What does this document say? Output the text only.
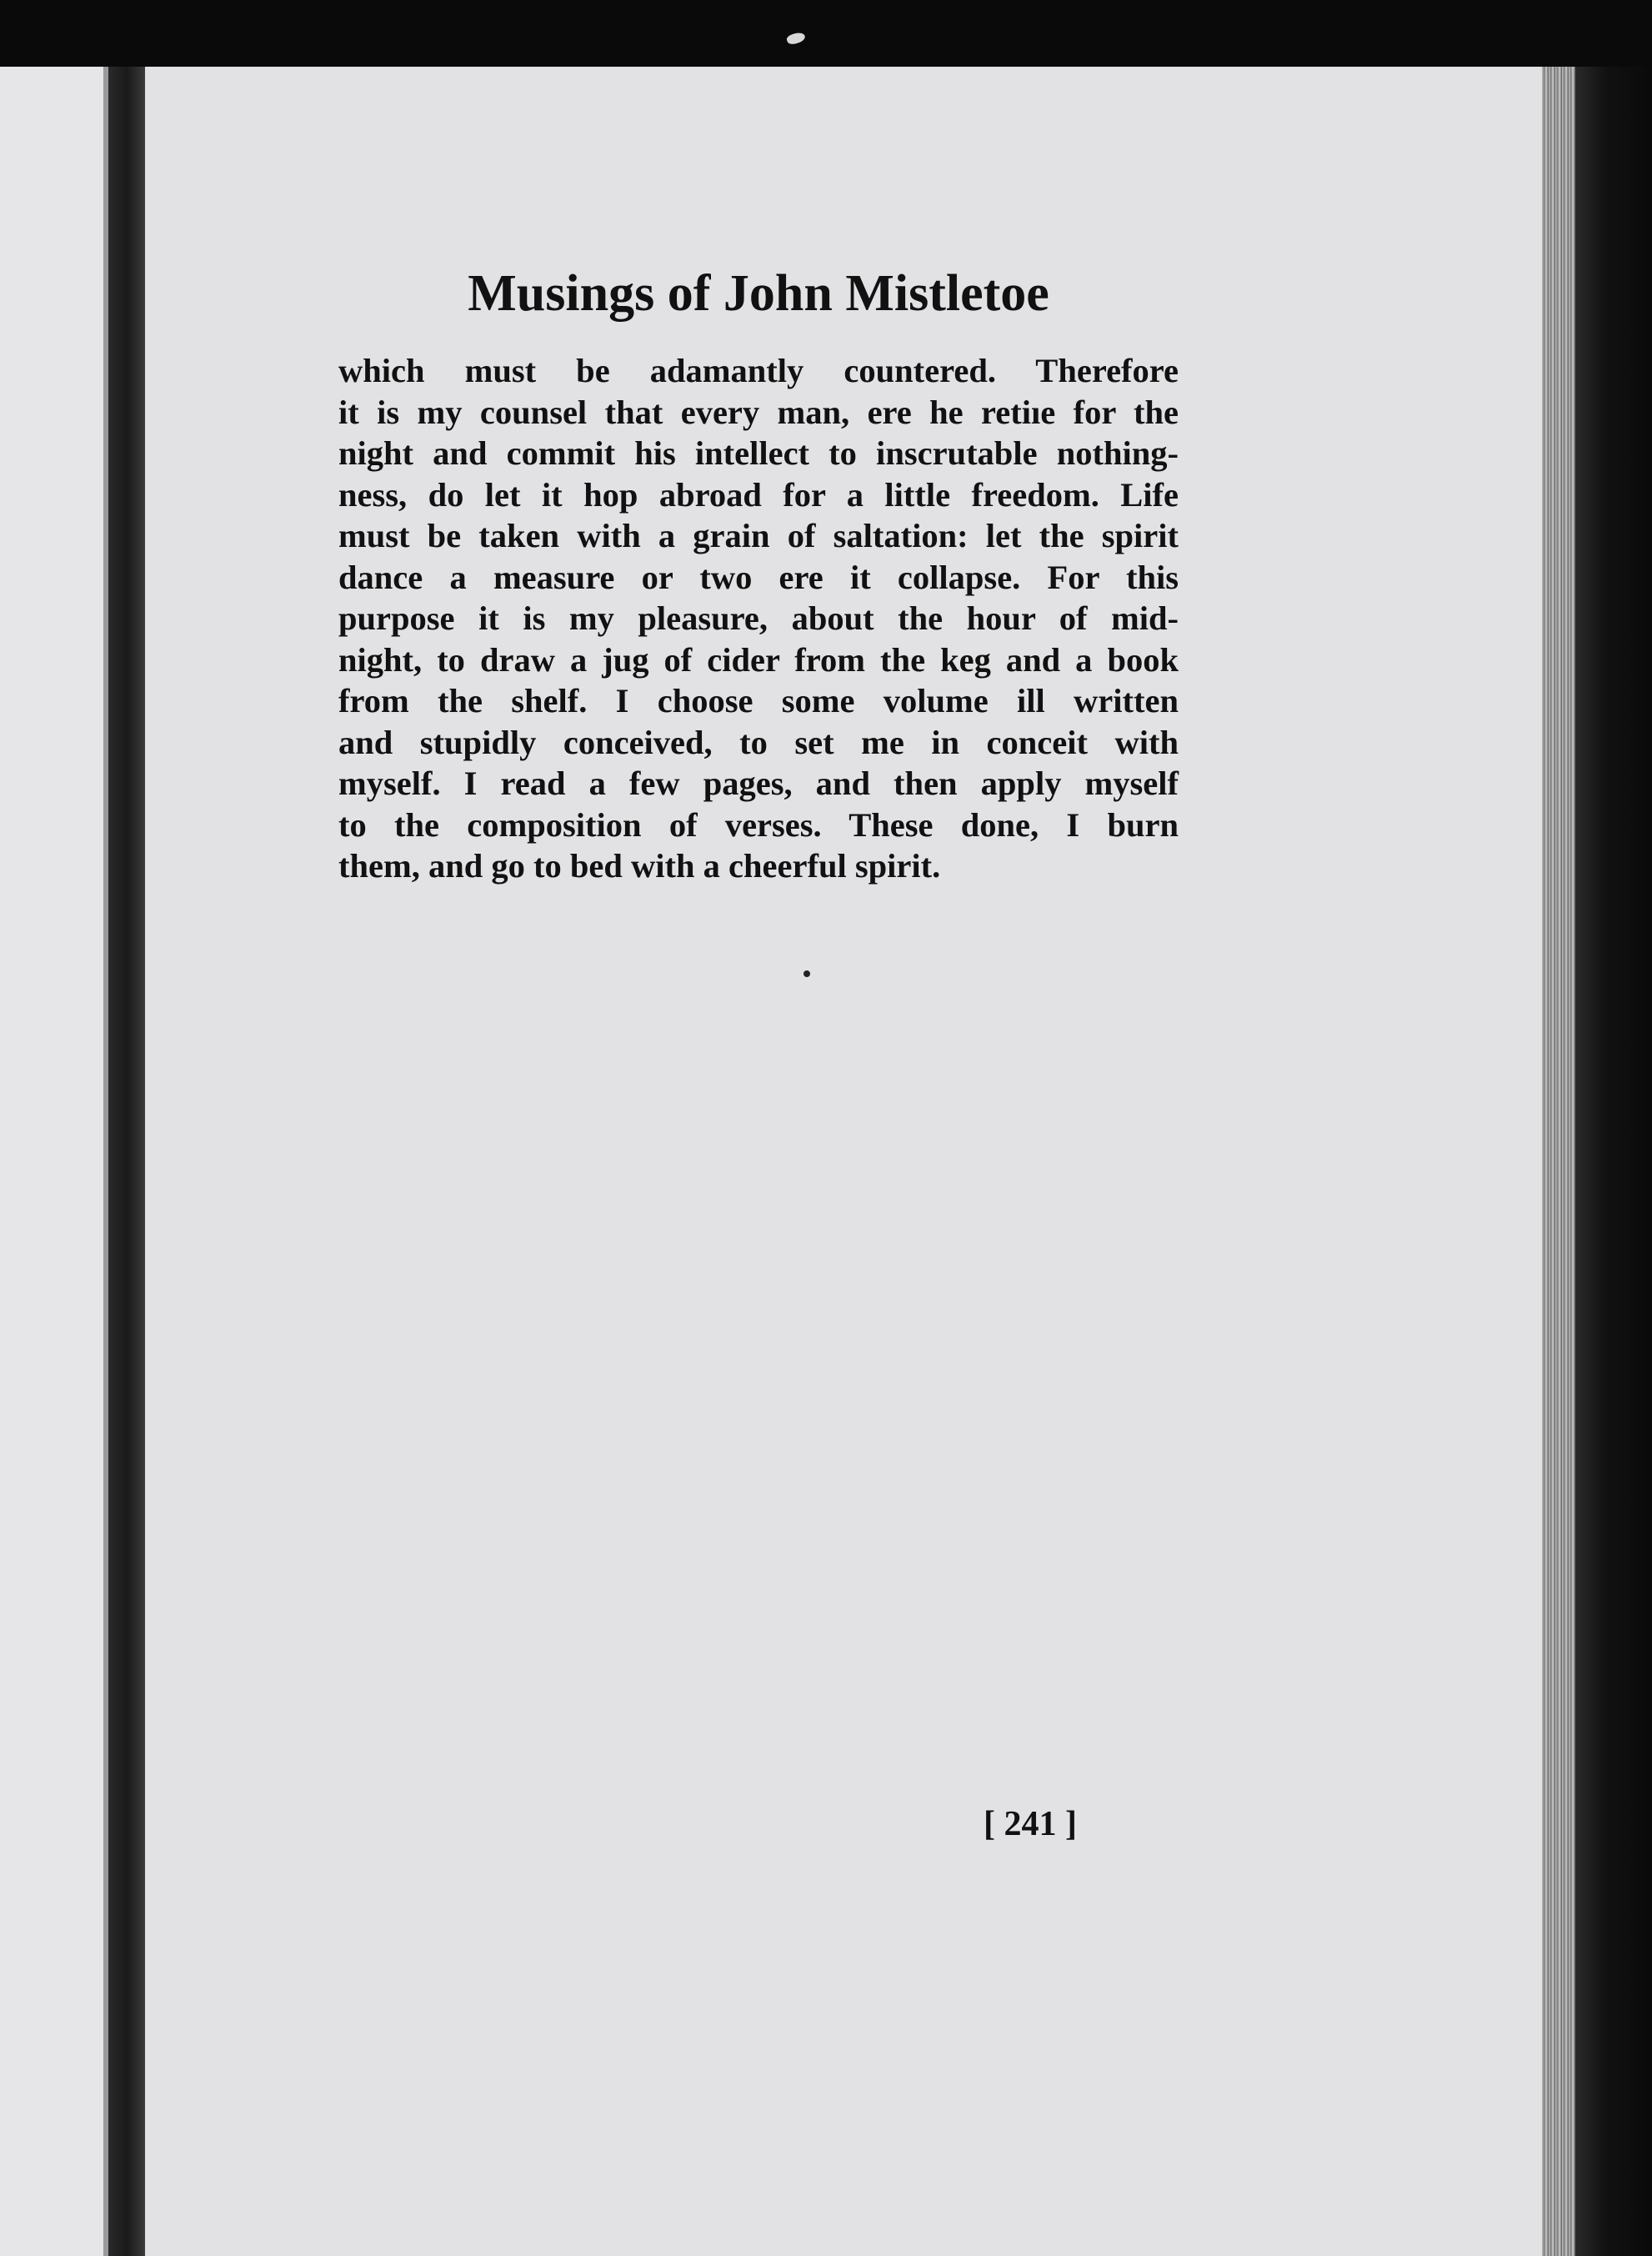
Musings of John Mistletoe
which must be adamantly countered. Therefore
it is my counsel that every man, ere he retiıe for the
night and commit his intellect to inscrutable nothing-
ness, do let it hop abroad for a little freedom. Life
must be taken with a grain of saltation: let the spirit
dance a measure or two ere it collapse. For this
purpose it is my pleasure, about the hour of mid-
night, to draw a jug of cider from the keg and a book
from the shelf. I choose some volume ill written
and stupidly conceived, to set me in conceit with
myself. I read a few pages, and then apply myself
to the composition of verses. These done, I burn
them, and go to bed with a cheerful spirit.
[ 241 ]
